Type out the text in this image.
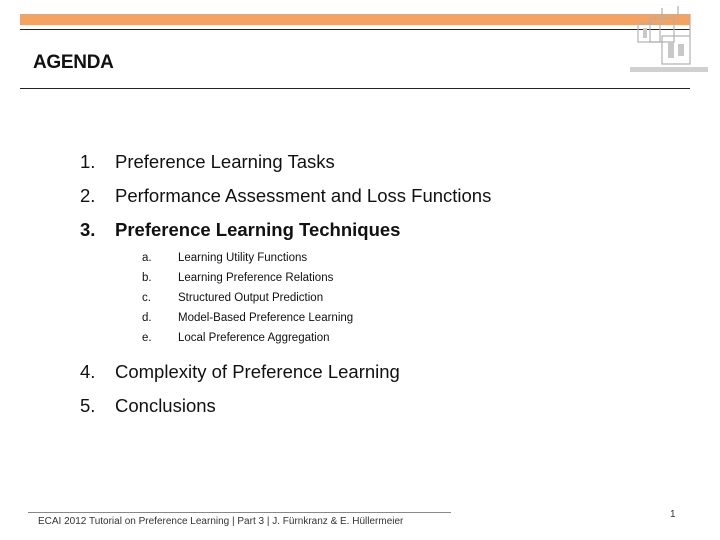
AGENDA
1.	Preference Learning Tasks
2.	Performance Assessment and Loss Functions
3.	Preference Learning Techniques
a.	Learning Utility Functions
b.	Learning Preference Relations
c.	Structured Output Prediction
d.	Model-Based Preference Learning
e.	Local Preference Aggregation
4.	Complexity of Preference Learning
5.	Conclusions
1
ECAI 2012 Tutorial on Preference Learning | Part 3 | J. Fürnkranz & E. Hüllermeier
